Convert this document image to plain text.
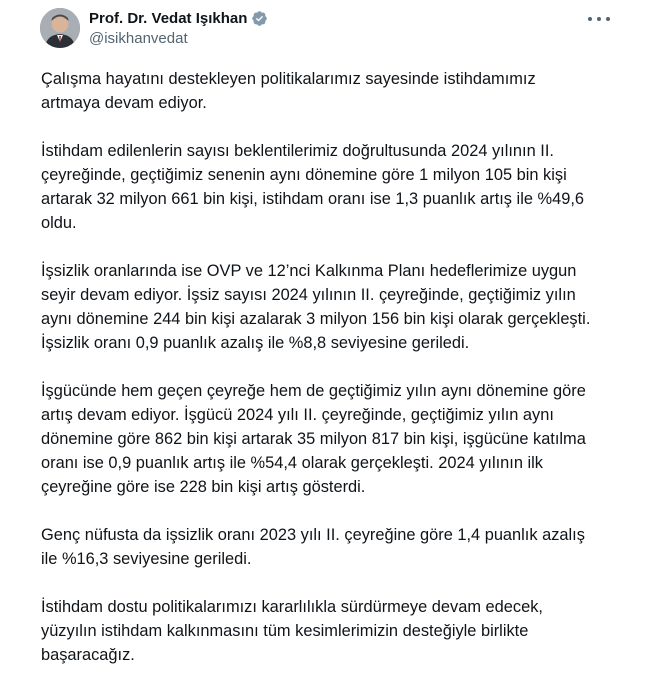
Prof. Dr. Vedat Işıkhan
@isikhanvedat

Çalışma hayatını destekleyen politikalarımız sayesinde istihdamımız
artmaya devam ediyor.

İstihdam edilenlerin sayısı beklentilerimiz doğrultusunda 2024 yılının II.
çeyreğinde, geçtiğimiz senenin aynı dönemine göre 1 milyon 105 bin kişi
artarak 32 milyon 661 bin kişi, istihdam oranı ise 1,3 puanlık artış ile %49,6
oldu.

İşsizlik oranlarında ise OVP ve 12’nci Kalkınma Planı hedeflerimize uygun
seyir devam ediyor. İşsiz sayısı 2024 yılının II. çeyreğinde, geçtiğimiz yılın
aynı dönemine 244 bin kişi azalarak 3 milyon 156 bin kişi olarak gerçekleşti.
İşsizlik oranı 0,9 puanlık azalış ile %8,8 seviyesine geriledi.

İşgücünde hem geçen çeyreğe hem de geçtiğimiz yılın aynı dönemine göre
artış devam ediyor. İşgücü 2024 yılı II. çeyreğinde, geçtiğimiz yılın aynı
dönemine göre 862 bin kişi artarak 35 milyon 817 bin kişi, işgücüne katılma
oranı ise 0,9 puanlık artış ile %54,4 olarak gerçekleşti. 2024 yılının ilk
çeyreğine göre ise 228 bin kişi artış gösterdi.

Genç nüfusta da işsizlik oranı 2023 yılı II. çeyreğine göre 1,4 puanlık azalış
ile %16,3 seviyesine geriledi.

İstihdam dostu politikalarımızı kararlılıkla sürdürmeye devam edecek,
yüzyılın istihdam kalkınmasını tüm kesimlerimizin desteğiyle birlikte
başaracağız.
